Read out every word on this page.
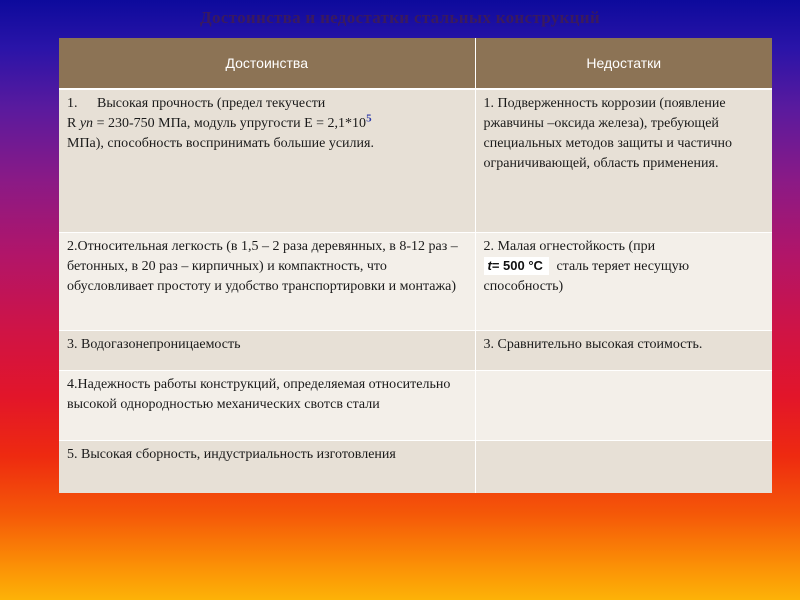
Достоинства и недостатки стальных конструкций
Достоинства	Недостатки

1. Высокая прочность (предел текучести
R уп = 230-750 МПа, модуль упругости $Е = 2,1*10^5$
МПа), способность воспринимать большие усилия.	1. Подверженность коррозии (появление ржавчины –оксида железа), требующей специальных методов защиты и частично ограничивающей, область применения.
2.Относительная легкость (в 1,5 – 2 раза деревянных, в 8-12 раз – бетонных, в 20 раз – кирпичных) и компактность, что обусловливает простоту и удобство транспортировки и монтажа)	2. Малая огнестойкость (при
t= 500 °C сталь теряет несущую способность)
3. Водогазонепроницаемость	3. Сравнительно высокая стоимость.
4.Надежность работы конструкций, определяемая относительно высокой однородностью механических свотсв стали	
5. Высокая сборность, индустриальность изготовления	
